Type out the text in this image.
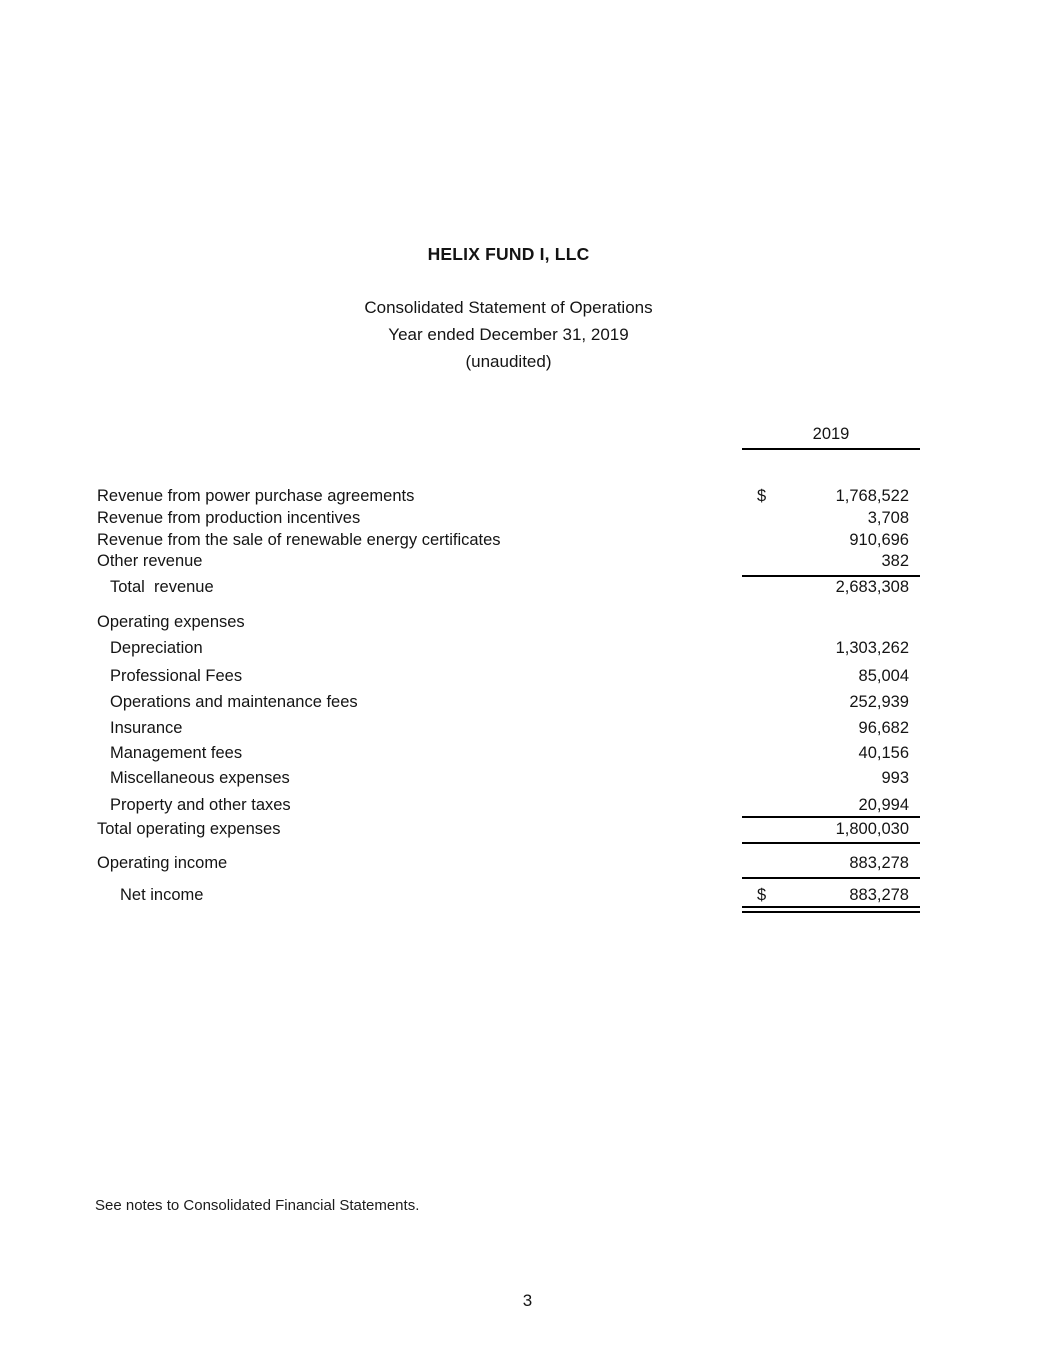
HELIX FUND I, LLC
Consolidated Statement of Operations
Year ended December 31, 2019
(unaudited)
2019
Revenue from power purchase agreements	$	1,768,522
Revenue from production incentives	3,708
Revenue from the sale of renewable energy certificates	910,696
Other revenue	382
Total  revenue	2,683,308
Operating expenses
Depreciation	1,303,262
Professional Fees	85,004
Operations and maintenance fees	252,939
Insurance	96,682
Management fees	40,156
Miscellaneous expenses	993
Property and other taxes	20,994
Total operating expenses	1,800,030
Operating income	883,278
Net income	$	883,278
See notes to Consolidated Financial Statements.
3
